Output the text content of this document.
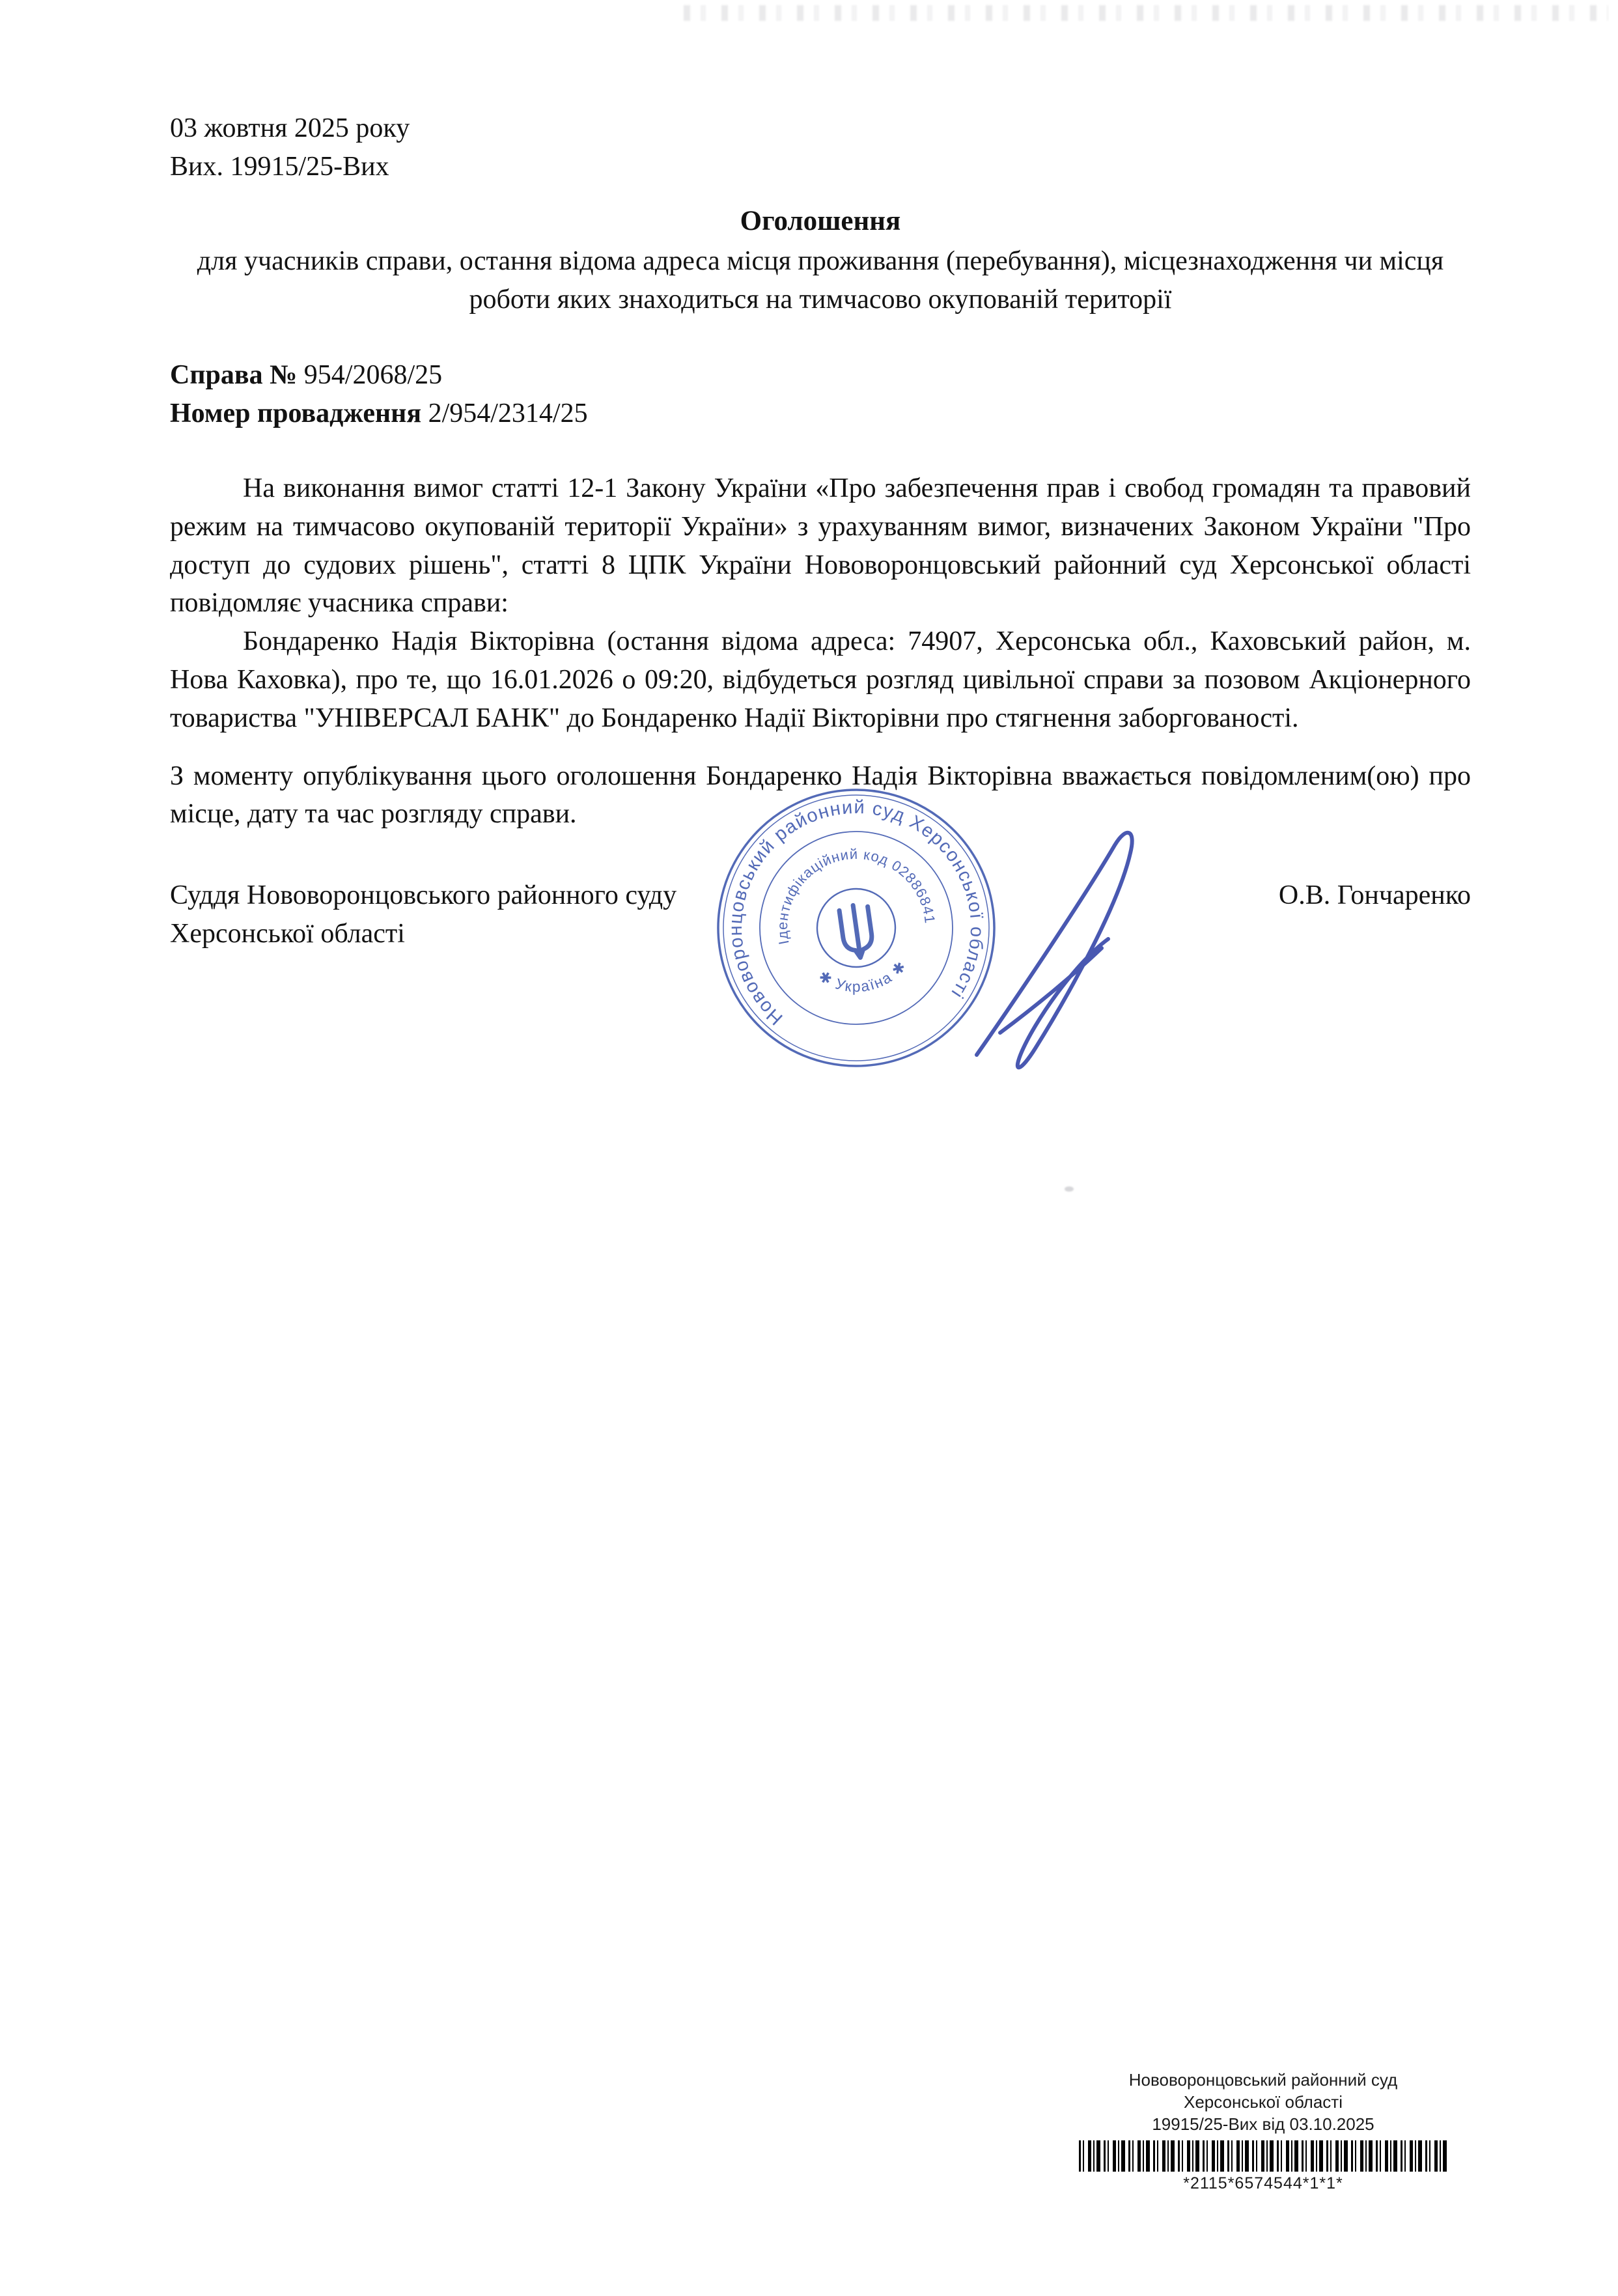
03 жовтня 2025 року
Вих. 19915/25-Вих
Оголошення
для учасників справи, остання відома адреса місця проживання (перебування), місцезнаходження чи місця роботи яких знаходиться на тимчасово окупованій території
Справа № 954/2068/25
Номер провадження 2/954/2314/25

На виконання вимог статті 12-1 Закону України «Про забезпечення прав і свобод громадян та правовий режим на тимчасово окупованій території України» з урахуванням вимог, визначених Законом України "Про доступ до судових рішень", статті 8 ЦПК України Нововоронцовський районний суд Херсонської області повідомляє учасника справи:

Бондаренко Надія Вікторівна (остання відома адреса: 74907, Херсонська обл., Каховський район, м. Нова Каховка), про те, що 16.01.2026 о 09:20, відбудеться розгляд цивільної справи за позовом Акціонерного товариства "УНІВЕРСАЛ БАНК" до Бондаренко Надії Вікторівни про стягнення заборгованості.

З моменту опублікування цього оголошення Бондаренко Надія Вікторівна вважається повідомленим(ою) про місце, дату та час розгляду справи.

Суддя Нововоронцовського районного суду
Херсонської області
О.В. Гончаренко
Нововоронцовський районний суд Херсонської області
Ідентифікаційний код 02886841
✱ Україна ✱
Нововоронцовський районний суд
Херсонської області
19915/25-Вих від 03.10.2025
*2115*6574544*1*1*
